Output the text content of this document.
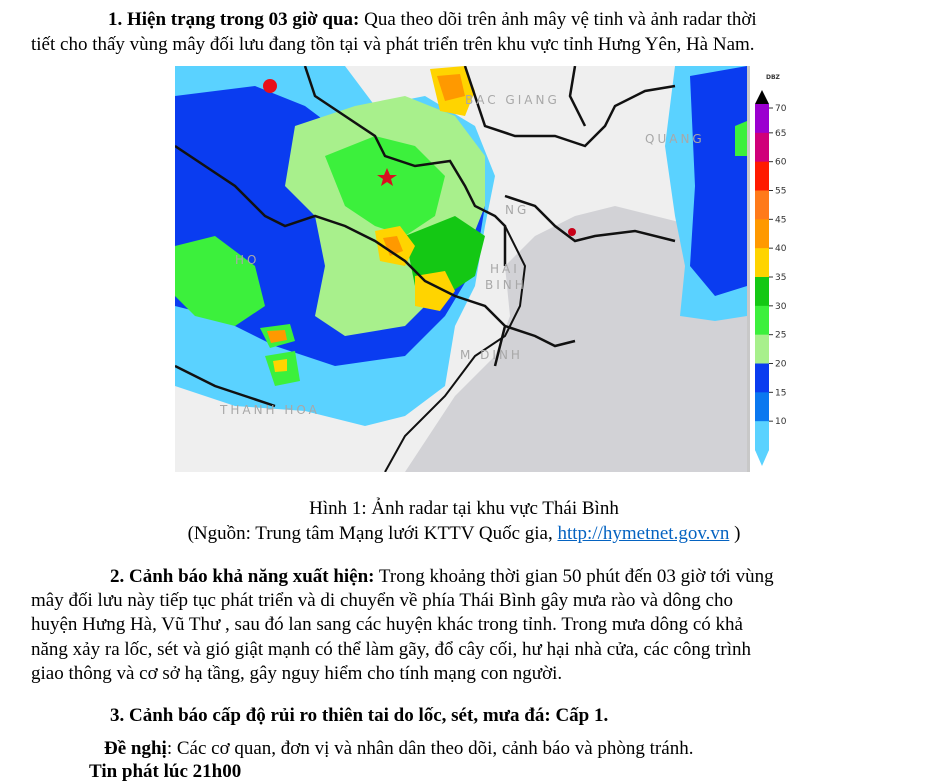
1. Hiện trạng trong 03 giờ qua: Qua theo dõi trên ảnh mây vệ tinh và ảnh radar thời
tiết cho thấy vùng mây đối lưu đang tồn tại và phát triển trên khu vực tỉnh Hưng Yên, Hà Nam.
BAC GIANG
QUANG
NG
HAI
BINH
M DINH
HO
THANH HOA
DBZ
70
65
60
55
45
40
35
30
25
20
15
10
Hình 1: Ảnh radar tại khu vực Thái Bình
(Nguồn: Trung tâm Mạng lưới KTTV Quốc gia, http://hymetnet.gov.vn )
2. Cảnh báo khả năng xuất hiện: Trong khoảng thời gian 50 phút đến 03 giờ tới vùng
mây đối lưu này tiếp tục phát triển và di chuyển về phía Thái Bình gây mưa rào và dông cho
huyện Hưng Hà, Vũ Thư , sau đó lan sang các huyện khác trong tỉnh. Trong mưa dông có khả
năng xảy ra lốc, sét và gió giật mạnh có thể làm gãy, đổ cây cối, hư hại nhà cửa, các công trình
giao thông và cơ sở hạ tầng, gây nguy hiểm cho tính mạng con người.
3. Cảnh báo cấp độ rủi ro thiên tai do lốc, sét, mưa đá: Cấp 1.
Đề nghị: Các cơ quan, đơn vị và nhân dân theo dõi, cảnh báo và phòng tránh.
Tin phát lúc 21h00
